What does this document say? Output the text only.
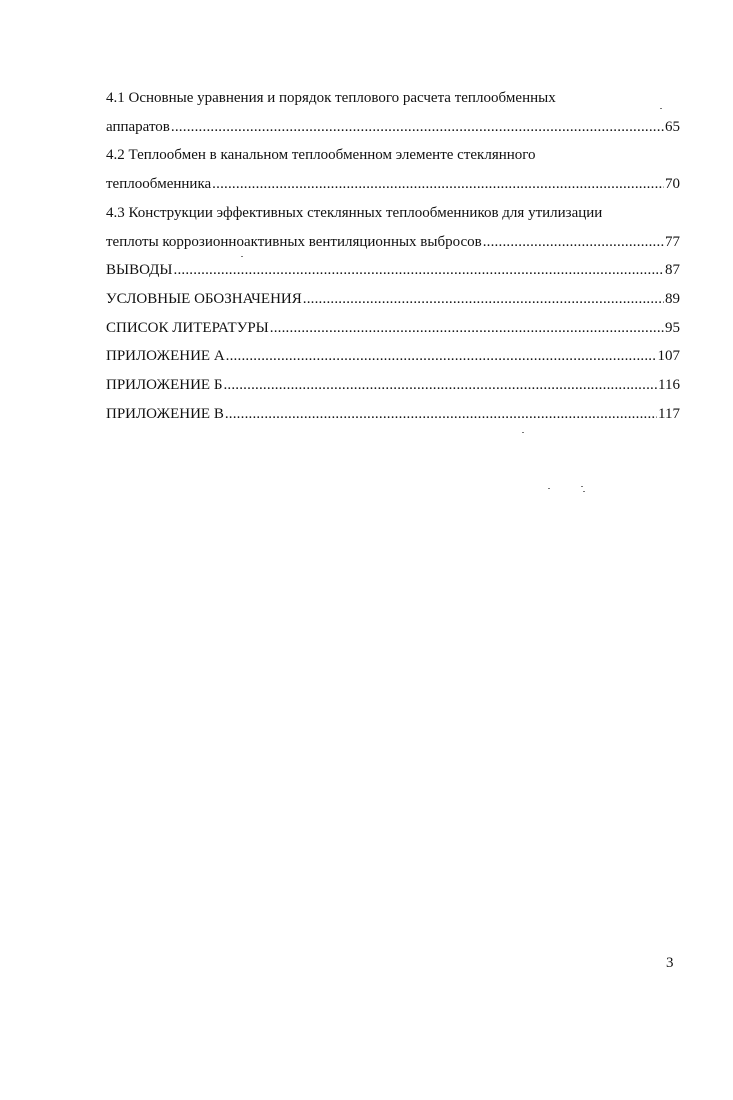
4.1 Основные уравнения и порядок теплового расчета теплообменных
аппаратов .....	65
4.2 Теплообмен в канальном теплообменном элементе стеклянного
теплообменника .....	70
4.3 Конструкции эффективных стеклянных теплообменников для утилизации
теплоты коррозионноактивных вентиляционных выбросов .....	77
ВЫВОДЫ .....	87
УСЛОВНЫЕ ОБОЗНАЧЕНИЯ .....	89
СПИСОК ЛИТЕРАТУРЫ .....	95
ПРИЛОЖЕНИЕ А .....	107
ПРИЛОЖЕНИЕ Б .....	116
ПРИЛОЖЕНИЕ В .....	117
3
